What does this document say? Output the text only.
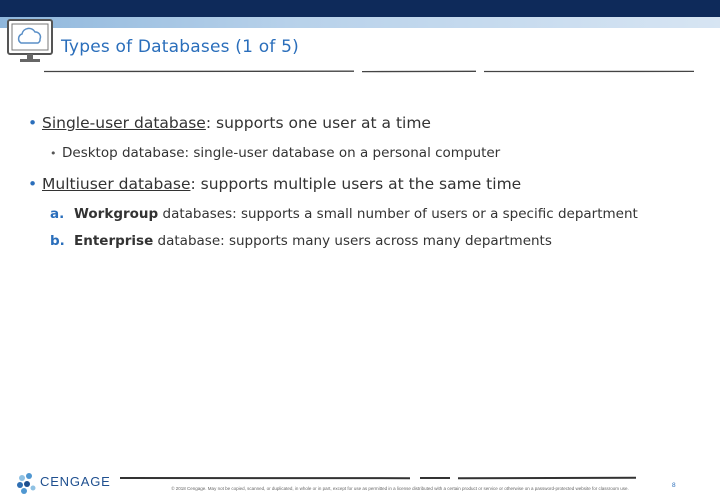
Types of Databases (1 of 5)
• Single-user database: supports one user at a time
• Desktop database: single-user database on a personal computer
• Multiuser database: supports multiple users at the same time
a. Workgroup databases: supports a small number of users or a specific department
b. Enterprise database: supports many users across many departments
CENGAGE	© 2018 Cengage. May not be copied, scanned, or duplicated, in whole or in part, except for use as permitted in a license distributed with a certain product or service or otherwise on a password-protected website for classroom use.	8
